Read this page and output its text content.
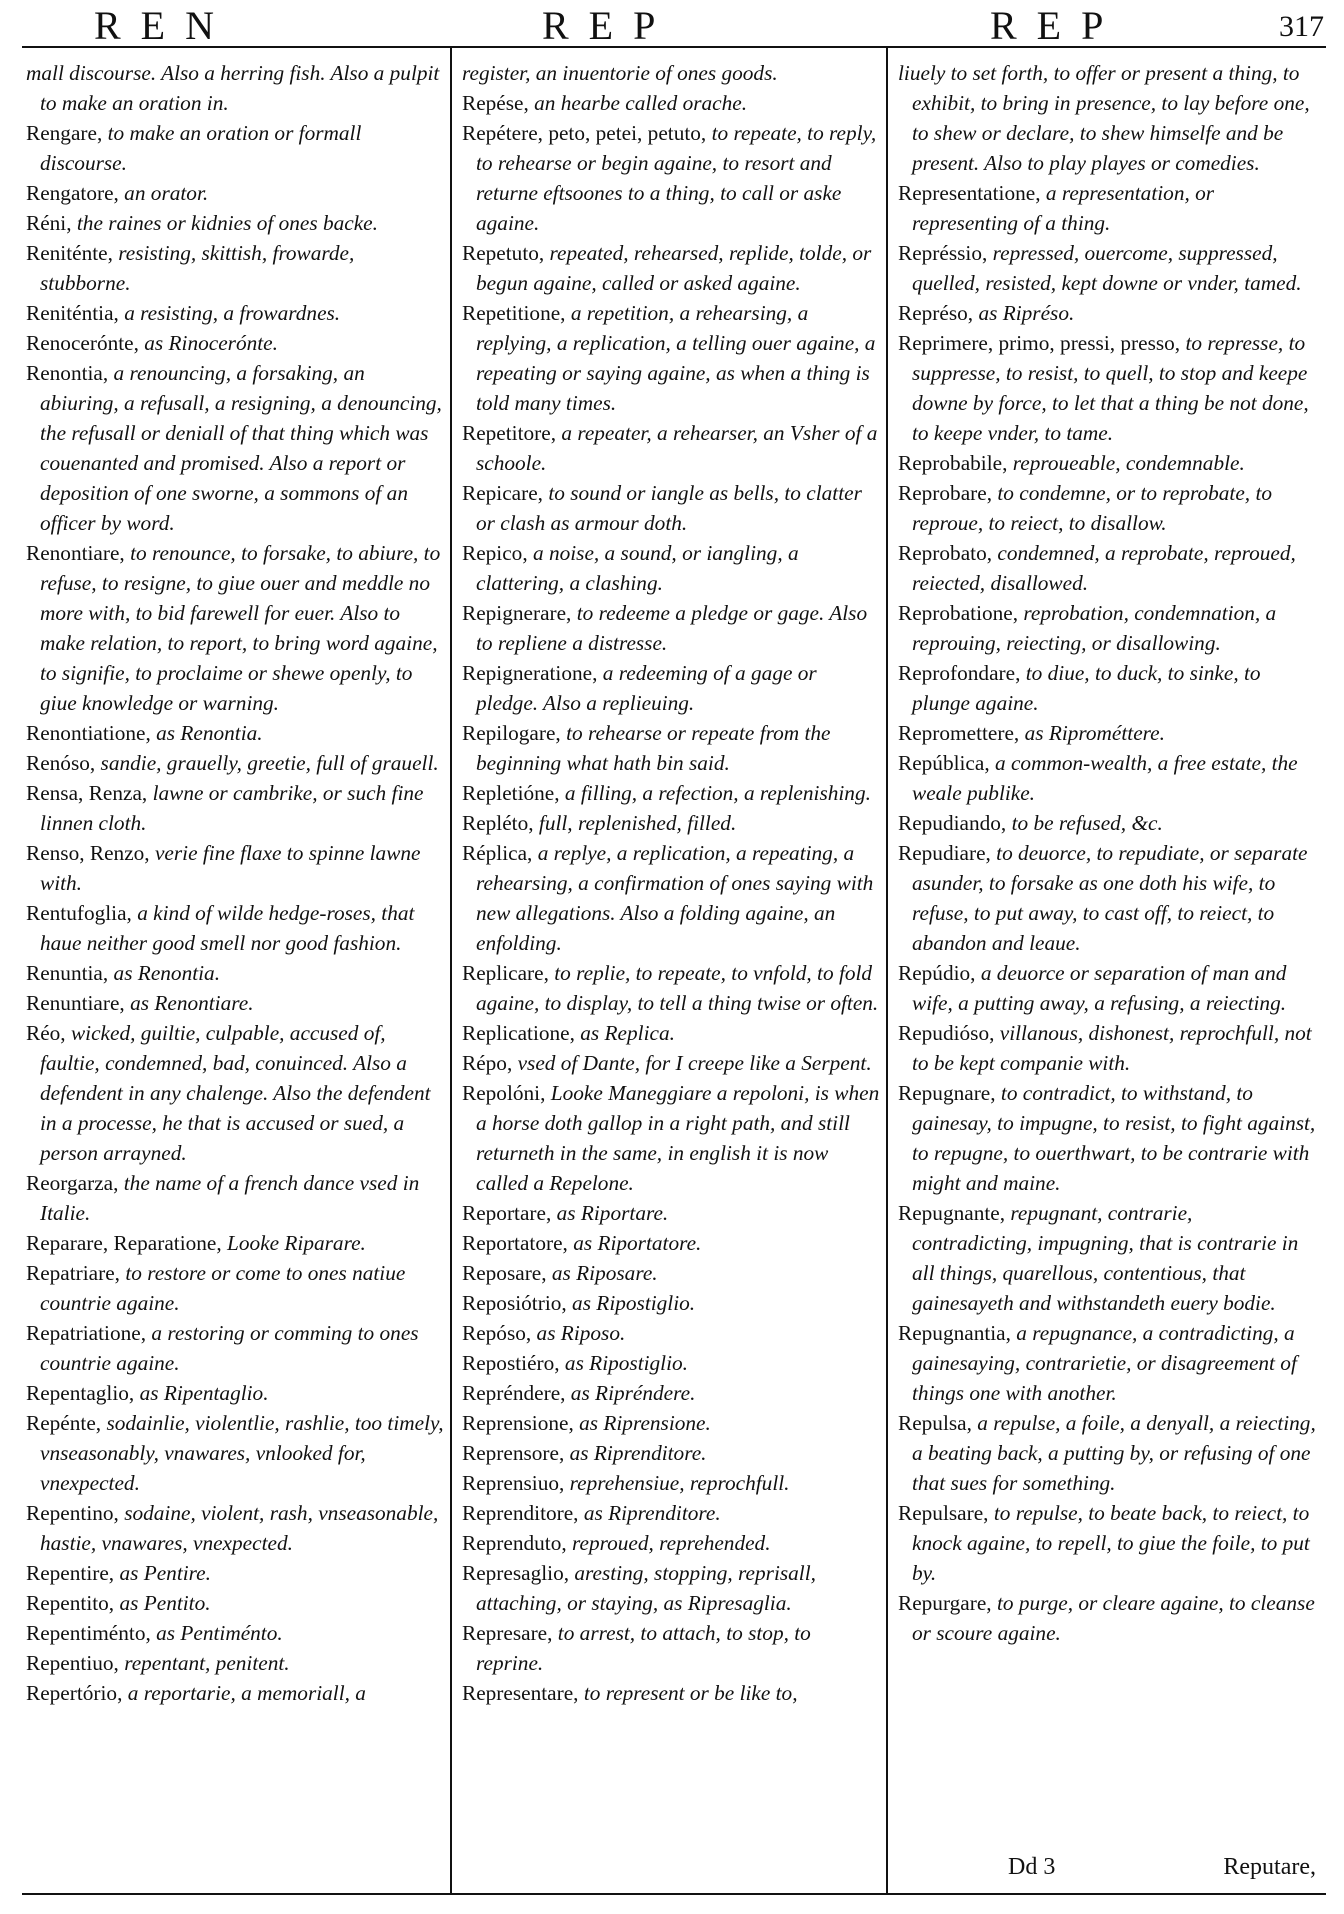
REN	REP	REP	317

mall discourse. Also a herring fish. Also a pulpit to make an oration in.

Rengare, to make an oration or formall discourse.

Rengatore, an orator.

Réni, the raines or kidnies of ones backe.

Reniténte, resisting, skittish, frowarde, stubborne.

Reniténtia, a resisting, a frowardnes.

Renocerónte, as Rinocerónte.

Renontia, a renouncing, a forsaking, an abiuring, a refusall, a resigning, a denouncing, the refusall or deniall of that thing which was couenanted and promised. Also a report or deposition of one sworne, a sommons of an officer by word.

Renontiare, to renounce, to forsake, to abiure, to refuse, to resigne, to giue ouer and meddle no more with, to bid farewell for euer. Also to make relation, to report, to bring word againe, to signifie, to proclaime or shewe openly, to giue knowledge or warning.

Renontiatione, as Renontia.

Renóso, sandie, grauelly, greetie, full of grauell.

Rensa, Renza, lawne or cambrike, or such fine linnen cloth.

Renso, Renzo, verie fine flaxe to spinne lawne with.

Rentufoglia, a kind of wilde hedge-roses, that haue neither good smell nor good fashion.

Renuntia, as Renontia.

Renuntiare, as Renontiare.

Réo, wicked, guiltie, culpable, accused of, faultie, condemned, bad, conuinced. Also a defendent in any chalenge. Also the defendent in a processe, he that is accused or sued, a person arrayned.

Reorgarza, the name of a french dance vsed in Italie.

Reparare, Reparatione, Looke Riparare.

Repatriare, to restore or come to ones natiue countrie againe.

Repatriatione, a restoring or comming to ones countrie againe.

Repentaglio, as Ripentaglio.

Repénte, sodainlie, violentlie, rashlie, too timely, vnseasonably, vnawares, vnlooked for, vnexpected.

Repentino, sodaine, violent, rash, vnseasonable, hastie, vnawares, vnexpected.

Repentire, as Pentire.

Repentito, as Pentito.

Repentiménto, as Pentiménto.

Repentiuo, repentant, penitent.

Repertório, a reportarie, a memoriall, a

register, an inuentorie of ones goods.

Repése, an hearbe called orache.

Repétere, peto, petei, petuto, to repeate, to reply, to rehearse or begin againe, to resort and returne eftsoones to a thing, to call or aske againe.

Repetuto, repeated, rehearsed, replide, tolde, or begun againe, called or asked againe.

Repetitione, a repetition, a rehearsing, a replying, a replication, a telling ouer againe, a repeating or saying againe, as when a thing is told many times.

Repetitore, a repeater, a rehearser, an Vsher of a schoole.

Repicare, to sound or iangle as bells, to clatter or clash as armour doth.

Repico, a noise, a sound, or iangling, a clattering, a clashing.

Repignerare, to redeeme a pledge or gage. Also to repliene a distresse.

Repigneratione, a redeeming of a gage or pledge. Also a replieuing.

Repilogare, to rehearse or repeate from the beginning what hath bin said.

Repletióne, a filling, a refection, a replenishing.

Repléto, full, replenished, filled.

Réplica, a replye, a replication, a repeating, a rehearsing, a confirmation of ones saying with new allegations. Also a folding againe, an enfolding.

Replicare, to replie, to repeate, to vnfold, to fold againe, to display, to tell a thing twise or often.

Replicatione, as Replica.

Répo, vsed of Dante, for I creepe like a Serpent.

Repolóni, Looke Maneggiare a repoloni, is when a horse doth gallop in a right path, and still returneth in the same, in english it is now called a Repelone.

Reportare, as Riportare.

Reportatore, as Riportatore.

Reposare, as Riposare.

Reposiótrio, as Ripostiglio.

Repóso, as Riposo.

Repostiéro, as Ripostiglio.

Repréndere, as Ripréndere.

Reprensione, as Riprensione.

Reprensore, as Riprenditore.

Reprensiuo, reprehensiue, reprochfull.

Reprenditore, as Riprenditore.

Reprenduto, reproued, reprehended.

Represaglio, aresting, stopping, reprisall, attaching, or staying, as Ripresaglia.

Represare, to arrest, to attach, to stop, to reprine.

Representare, to represent or be like to,

liuely to set forth, to offer or present a thing, to exhibit, to bring in presence, to lay before one, to shew or declare, to shew himselfe and be present. Also to play playes or comedies.

Representatione, a representation, or representing of a thing.

Représsio, repressed, ouercome, suppressed, quelled, resisted, kept downe or vnder, tamed.

Représo, as Ripréso.

Reprimere, primo, pressi, presso, to represse, to suppresse, to resist, to quell, to stop and keepe downe by force, to let that a thing be not done, to keepe vnder, to tame.

Reprobabile, reproueable, condemnable.

Reprobare, to condemne, or to reprobate, to reproue, to reiect, to disallow.

Reprobato, condemned, a reprobate, reproued, reiected, disallowed.

Reprobatione, reprobation, condemnation, a reprouing, reiecting, or disallowing.

Reprofondare, to diue, to duck, to sinke, to plunge againe.

Repromettere, as Riprométtere.

República, a common-wealth, a free estate, the weale publike.

Repudiando, to be refused, &c.

Repudiare, to deuorce, to repudiate, or separate asunder, to forsake as one doth his wife, to refuse, to put away, to cast off, to reiect, to abandon and leaue.

Repúdio, a deuorce or separation of man and wife, a putting away, a refusing, a reiecting.

Repudióso, villanous, dishonest, reprochfull, not to be kept companie with.

Repugnare, to contradict, to withstand, to gainesay, to impugne, to resist, to fight against, to repugne, to ouerthwart, to be contrarie with might and maine.

Repugnante, repugnant, contrarie, contradicting, impugning, that is contrarie in all things, quarellous, contentious, that gainesayeth and withstandeth euery bodie.

Repugnantia, a repugnance, a contradicting, a gainesaying, contrarietie, or disagreement of things one with another.

Repulsa, a repulse, a foile, a denyall, a reiecting, a beating back, a putting by, or refusing of one that sues for something.

Repulsare, to repulse, to beate back, to reiect, to knock againe, to repell, to giue the foile, to put by.

Repurgare, to purge, or cleare againe, to cleanse or scoure againe.

Dd 3	Reputare,
